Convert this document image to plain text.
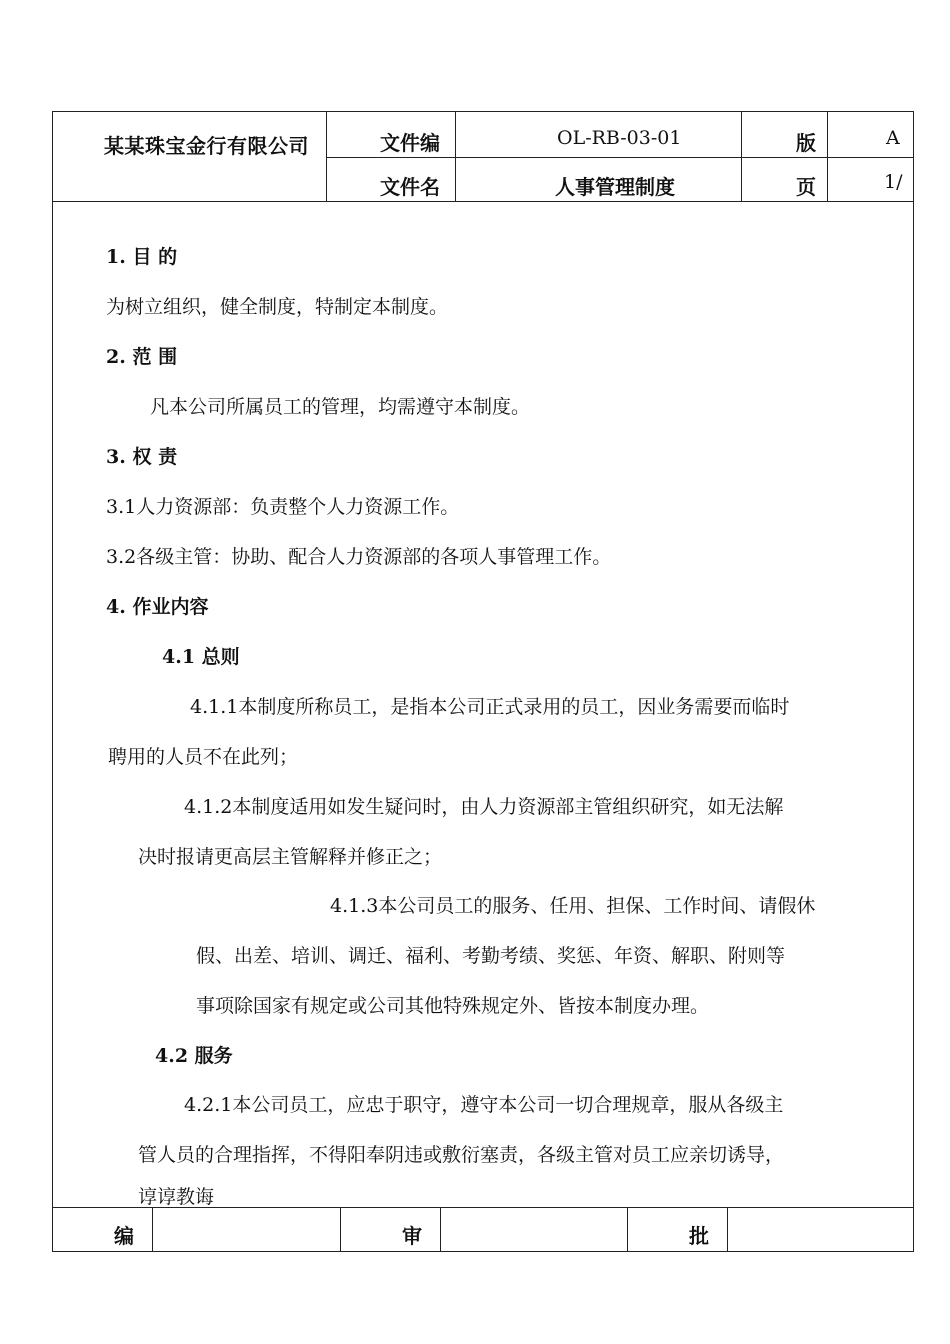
某某珠宝金行有限公司	文件编	OL-RB-03-01	版	A
文件名	人事管理制度	页	1/
1. 目 的
为树立组织，健全制度，特制定本制度。
2. 范 围
凡本公司所属员工的管理，均需遵守本制度。
3. 权 责
3.1人力资源部：负责整个人力资源工作。
3.2各级主管：协助、配合人力资源部的各项人事管理工作。
4. 作业内容
4.1 总则
4.1.1本制度所称员工，是指本公司正式录用的员工，因业务需要而临时
聘用的人员不在此列；
4.1.2本制度适用如发生疑问时，由人力资源部主管组织研究，如无法解
决时报请更高层主管解释并修正之；
4.1.3本公司员工的服务、任用、担保、工作时间、请假休
假、出差、培训、调迁、福利、考勤考绩、奖惩、年资、解职、附则等
事项除国家有规定或公司其他特殊规定外、皆按本制度办理。
4.2 服务
4.2.1本公司员工，应忠于职守，遵守本公司一切合理规章，服从各级主
管人员的合理指挥，不得阳奉阴违或敷衍塞责，各级主管对员工应亲切诱导，
谆谆教诲
编	审	批
